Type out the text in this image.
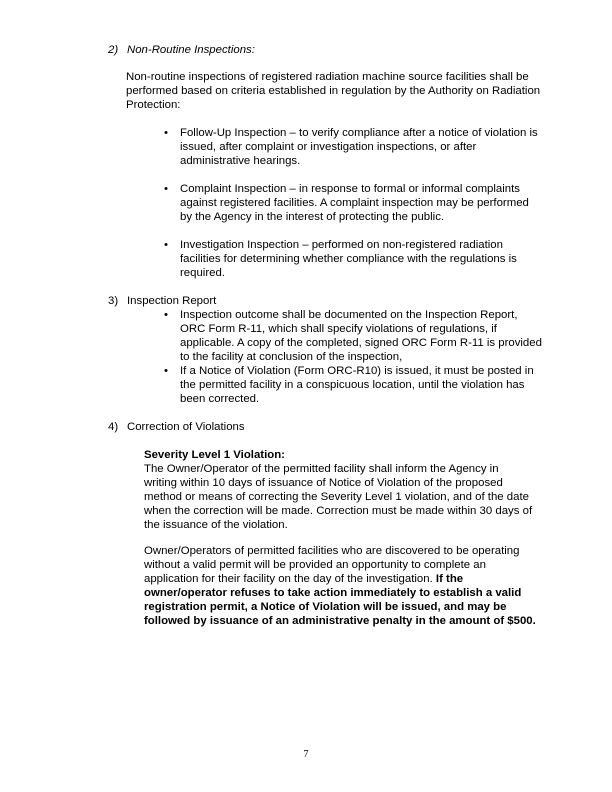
2) Non-Routine Inspections:

Non-routine inspections of registered radiation machine source facilities shall be performed based on criteria established in regulation by the Authority on Radiation Protection:

• Follow-Up Inspection – to verify compliance after a notice of violation is issued, after complaint or investigation inspections, or after administrative hearings.
• Complaint Inspection – in response to formal or informal complaints against registered facilities. A complaint inspection may be performed by the Agency in the interest of protecting the public.
• Investigation Inspection – performed on non-registered radiation facilities for determining whether compliance with the regulations is required.
3) Inspection Report
• Inspection outcome shall be documented on the Inspection Report, ORC Form R-11, which shall specify violations of regulations, if applicable. A copy of the completed, signed ORC Form R-11 is provided to the facility at conclusion of the inspection,
• If a Notice of Violation (Form ORC-R10) is issued, it must be posted in the permitted facility in a conspicuous location, until the violation has been corrected.
4) Correction of Violations

Severity Level 1 Violation:

The Owner/Operator of the permitted facility shall inform the Agency in writing within 10 days of issuance of Notice of Violation of the proposed method or means of correcting the Severity Level 1 violation, and of the date when the correction will be made. Correction must be made within 30 days of the issuance of the violation.

Owner/Operators of permitted facilities who are discovered to be operating without a valid permit will be provided an opportunity to complete an application for their facility on the day of the investigation. If the owner/operator refuses to take action immediately to establish a valid registration permit, a Notice of Violation will be issued, and may be followed by issuance of an administrative penalty in the amount of $500.

7
